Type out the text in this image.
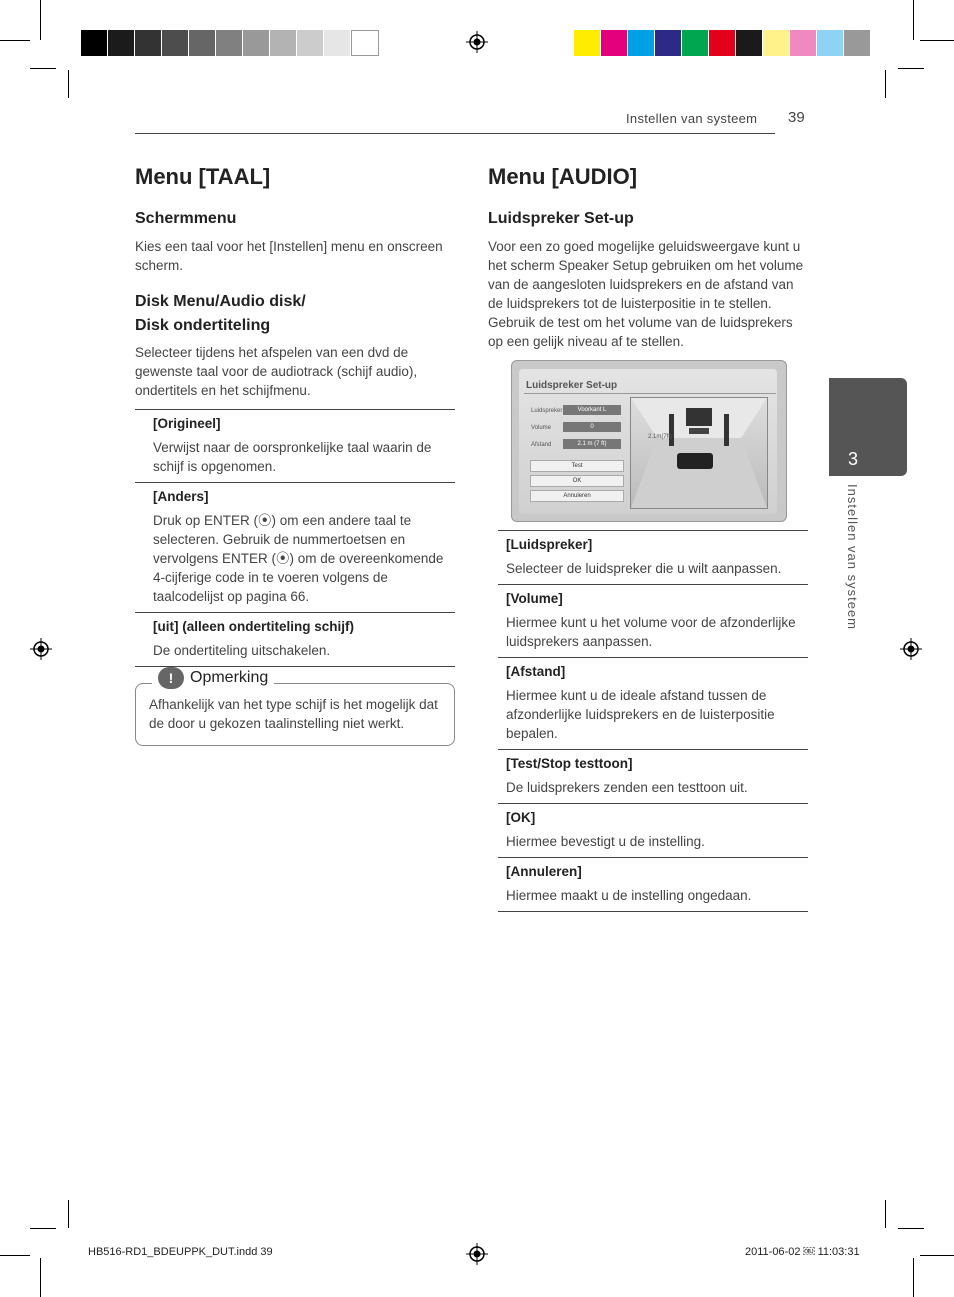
Instellen van systeem 39
Menu [TAAL]
Schermmenu

Kies een taal voor het [Instellen] menu en onscreen scherm.

Disk Menu/Audio disk/
Disk ondertiteling

Selecteer tijdens het afspelen van een dvd de gewenste taal voor de audiotrack (schijf audio), ondertitels en het schijfmenu.

[Origineel]
Verwijst naar de oorspronkelijke taal waarin de schijf is opgenomen.
[Anders]
Druk op ENTER (⦿) om een andere taal te selecteren. Gebruik de nummertoetsen en vervolgens ENTER (⦿) om de overeenkomende 4-cijferige code in te voeren volgens de taalcodelijst op pagina 66.
[uit] (alleen ondertiteling schijf)
De ondertiteling uitschakelen.
!	Opmerking
Afhankelijk van het type schijf is het mogelijk dat de door u gekozen taalinstelling niet werkt.
Menu [AUDIO]
Luidspreker Set-up

Voor een zo goed mogelijke geluidsweergave kunt u het scherm Speaker Setup gebruiken om het volume van de aangesloten luidsprekers en de afstand van de luidsprekers tot de luisterpositie in te stellen. Gebruik de test om het volume van de luidsprekers op een gelijk niveau af te stellen.

Luidspreker Set-up
Luidspreker	Voorkant L
Volume	0
Afstand	2.1 m (7 ft)
Test
OK
Annuleren
2.1m(7ft)
[Luidspreker]
Selecteer de luidspreker die u wilt aanpassen.
[Volume]
Hiermee kunt u het volume voor de afzonderlijke luidsprekers aanpassen.
[Afstand]
Hiermee kunt u de ideale afstand tussen de afzonderlijke luidsprekers en de luisterpositie bepalen.
[Test/Stop testtoon]
De luidsprekers zenden een testtoon uit.
[OK]
Hiermee bevestigt u de instelling.
[Annuleren]
Hiermee maakt u de instelling ongedaan.
3
Instellen van systeem
HB516-RD1_BDEUPPK_DUT.indd 39	2011-06-02 ￼ 11:03:31
